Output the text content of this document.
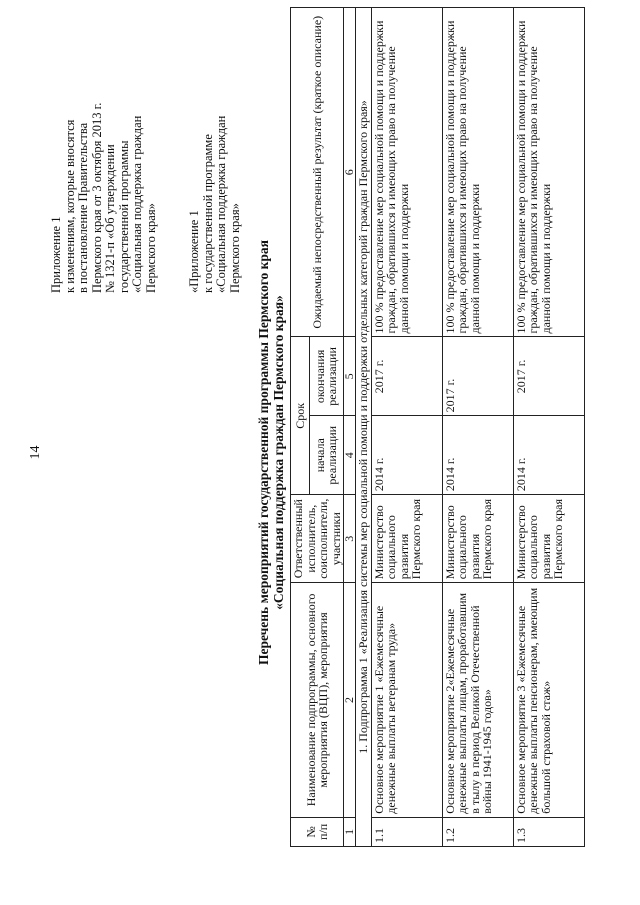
14
Приложение 1 к изменениям, которые вносятся в постановление Правительства Пермского края от 3 октября 2013 г. № 1321-п «Об утверждении государственной программы «Социальная поддержка граждан Пермского края» «Приложение 1 к государственной программе «Социальная поддержка граждан Пермского края» Перечень мероприятий государственной программы Пермского края «Социальная поддержка граждан Пермского края»
№ п/п	Наименование подпрограммы, основного мероприятия (ВЦП), мероприятия	Ответственный исполнитель, соисполнители, участники	Срок		Ожидаемый непосредственный результат (краткое описание)
			начала реализации	окончания реализации	
1	2	3	4	5	6
1. Подпрограмма 1 «Реализация системы мер социальной помощи и поддержки отдельных категорий граждан Пермского края»					
1.1	Основное мероприятие 1 «Ежемесячные денежные выплаты ветеранам труда»	Министерство социального развития Пермского края	2014 г.	2017 г.	100 % предоставление мер социальной помощи и поддержки граждан, обратившихся и имеющих право на получение данной помощи и поддержки
1.2	Основное мероприятие 2«Ежемесячные денежные выплаты лицам, проработавшим в тылу в период Великой Отечественной войны 1941-1945 годов»	Министерство социального развития Пермского края	2014 г.	2017 г.	100 % предоставление мер социальной помощи и поддержки граждан, обратившихся и имеющих право на получение данной помощи и поддержки
1.3	Основное мероприятие 3 «Ежемесячные денежные выплаты пенсионерам, имеющим большой страховой стаж»	Министерство социального развития Пермского края	2014 г.	2017 г.	100 % предоставление мер социальной помощи и поддержки граждан, обратившихся и имеющих право на получение данной помощи и поддержки
